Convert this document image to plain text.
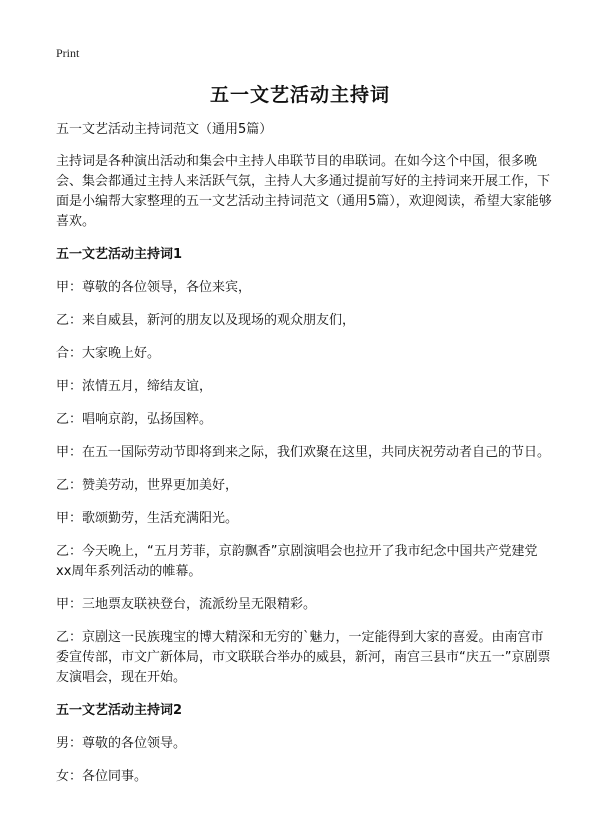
Print
五一文艺活动主持词

五一文艺活动主持词范文（通用5篇）

主持词是各种演出活动和集会中主持人串联节目的串联词。在如今这个中国，很多晚会、集会都通过主持人来活跃气氛，主持人大多通过提前写好的主持词来开展工作，下面是小编帮大家整理的五一文艺活动主持词范文（通用5篇），欢迎阅读，希望大家能够喜欢。

五一文艺活动主持词1

甲：尊敬的各位领导，各位来宾，

乙：来自威县，新河的朋友以及现场的观众朋友们，

合：大家晚上好。

甲：浓情五月，缔结友谊，

乙：唱响京韵，弘扬国粹。

甲：在五一国际劳动节即将到来之际，我们欢聚在这里，共同庆祝劳动者自己的节日。

乙：赞美劳动，世界更加美好，

甲：歌颂勤劳，生活充满阳光。

乙：今天晚上，“五月芳菲，京韵飘香”京剧演唱会也拉开了我市纪念中国共产党建党xx周年系列活动的帷幕。

甲：三地票友联袂登台，流派纷呈无限精彩。

乙：京剧这一民族瑰宝的博大精深和无穷的`魅力，一定能得到大家的喜爱。由南宫市委宣传部，市文广新体局，市文联联合举办的威县，新河，南宫三县市“庆五一”京剧票友演唱会，现在开始。

五一文艺活动主持词2

男：尊敬的各位领导。

女：各位同事。
